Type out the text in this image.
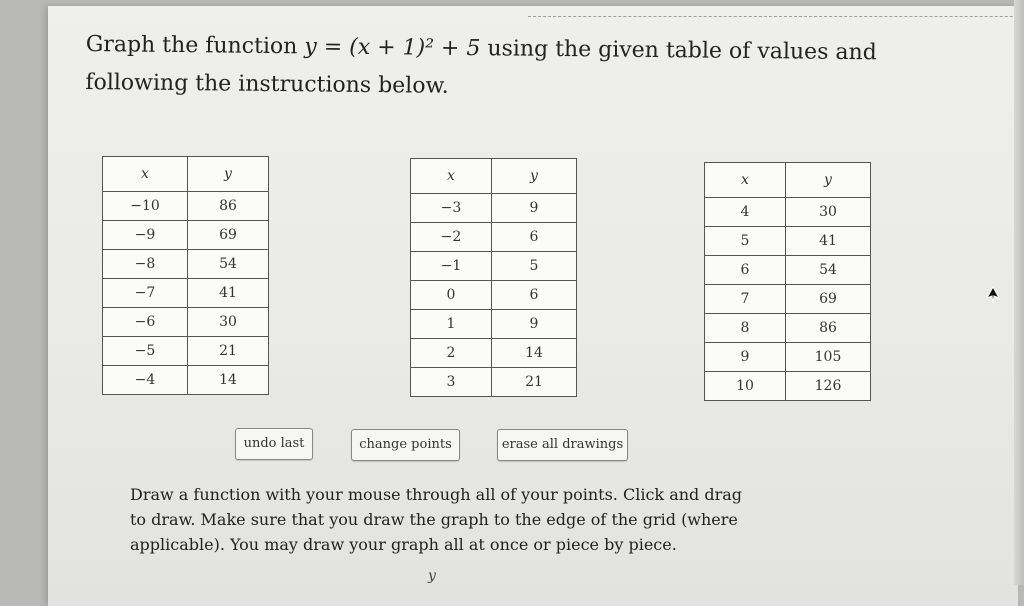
Graph the function y = (x + 1)² + 5 using the given table of values and following the instructions below.
x	y
−10	86
−9	69
−8	54
−7	41
−6	30
−5	21
−4	14
x	y
−3	9
−2	6
−1	5
0	6
1	9
2	14
3	21
x	y
4	30
5	41
6	54
7	69
8	86
9	105
10	126
undo last	change points	erase all drawings
Draw a function with your mouse through all of your points. Click and drag to draw. Make sure that you draw the graph to the edge of the grid (where applicable). You may draw your graph all at once or piece by piece.
y
